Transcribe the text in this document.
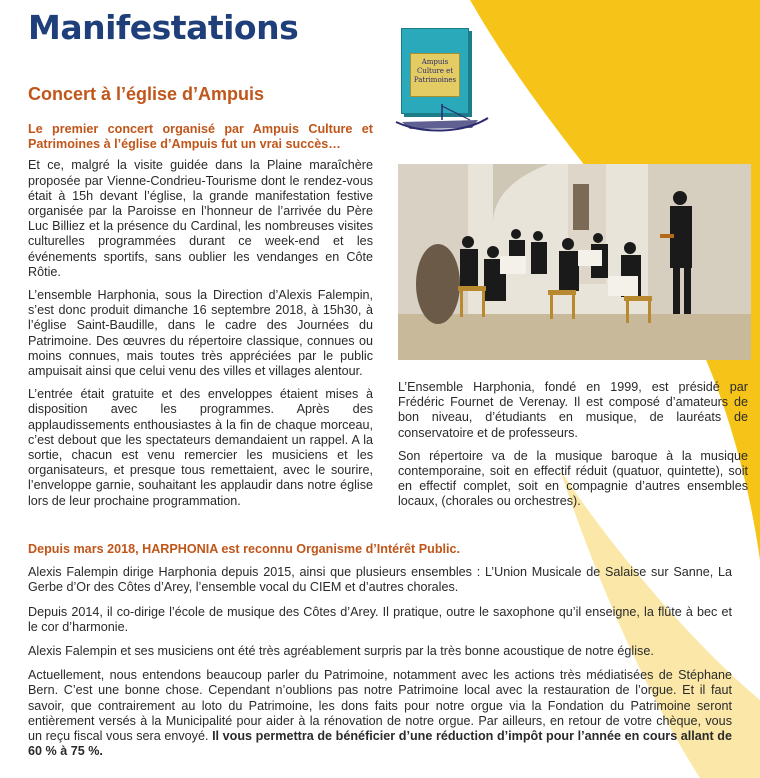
Manifestations
Concert à l’église d’Ampuis
Ampuis
Culture et
Patrimoines

Le premier concert organisé par Ampuis Culture et Patrimoines à l’église d’Ampuis fut un vrai succès…

Et ce, malgré la visite guidée dans la Plaine maraîchère proposée par Vienne-Condrieu-Tourisme dont le rendez-vous était à 15h devant l’église, la grande manifestation festive organisée par la Paroisse en l’honneur de l’arrivée du Père Luc Billiez et la présence du Cardinal, les nombreuses visites culturelles programmées durant ce week-end et les événements sportifs, sans oublier les vendanges en Côte Rôtie.

L’ensemble Harphonia, sous la Direction d’Alexis Falempin, s’est donc produit dimanche 16 septembre 2018, à 15h30, à l’église Saint-Baudille, dans le cadre des Journées du Patrimoine. Des œuvres du répertoire classique, connues ou moins connues, mais toutes très appréciées par le public ampuisait ainsi que celui venu des villes et villages alentour.

L’entrée était gratuite et des enveloppes étaient mises à disposition avec les programmes. Après des applaudissements enthousiastes à la fin de chaque morceau, c’est debout que les spectateurs demandaient un rappel. A la sortie, chacun est venu remercier les musiciens et les organisateurs, et presque tous remettaient, avec le sourire, l’enveloppe garnie, souhaitant les applaudir dans notre église lors de leur prochaine programmation.

L’Ensemble Harphonia, fondé en 1999, est présidé par Frédéric Fournet de Verenay. Il est composé d’amateurs de bon niveau, d’étudiants en musique, de lauréats de conservatoire et de professeurs.

Son répertoire va de la musique baroque à la musique contemporaine, soit en effectif réduit (quatuor, quintette), soit en effectif complet, soit en compagnie d’autres ensembles locaux, (chorales ou orchestres).

Depuis mars 2018, HARPHONIA est reconnu Organisme d’Intérêt Public.

Alexis Falempin dirige Harphonia depuis 2015, ainsi que plusieurs ensembles : L’Union Musicale de Salaise sur Sanne, La Gerbe d’Or des Côtes d’Arey, l’ensemble vocal du CIEM et d’autres chorales.

Depuis 2014, il co-dirige l’école de musique des Côtes d’Arey. Il pratique, outre le saxophone qu’il enseigne, la flûte à bec et le cor d’harmonie.

Alexis Falempin et ses musiciens ont été très agréablement surpris par la très bonne acoustique de notre église.

Actuellement, nous entendons beaucoup parler du Patrimoine, notamment avec les actions très médiatisées de Stéphane Bern. C’est une bonne chose. Cependant n’oublions pas notre Patrimoine local avec la restauration de l’orgue. Et il faut savoir, que contrairement au loto du Patrimoine, les dons faits pour notre orgue via la Fondation du Patrimoine seront entièrement versés à la Municipalité pour aider à la rénovation de notre orgue. Par ailleurs, en retour de votre chèque, vous un reçu fiscal vous sera envoyé. Il vous permettra de bénéficier d’une réduction d’impôt pour l’année en cours allant de 60 % à 75 %.
